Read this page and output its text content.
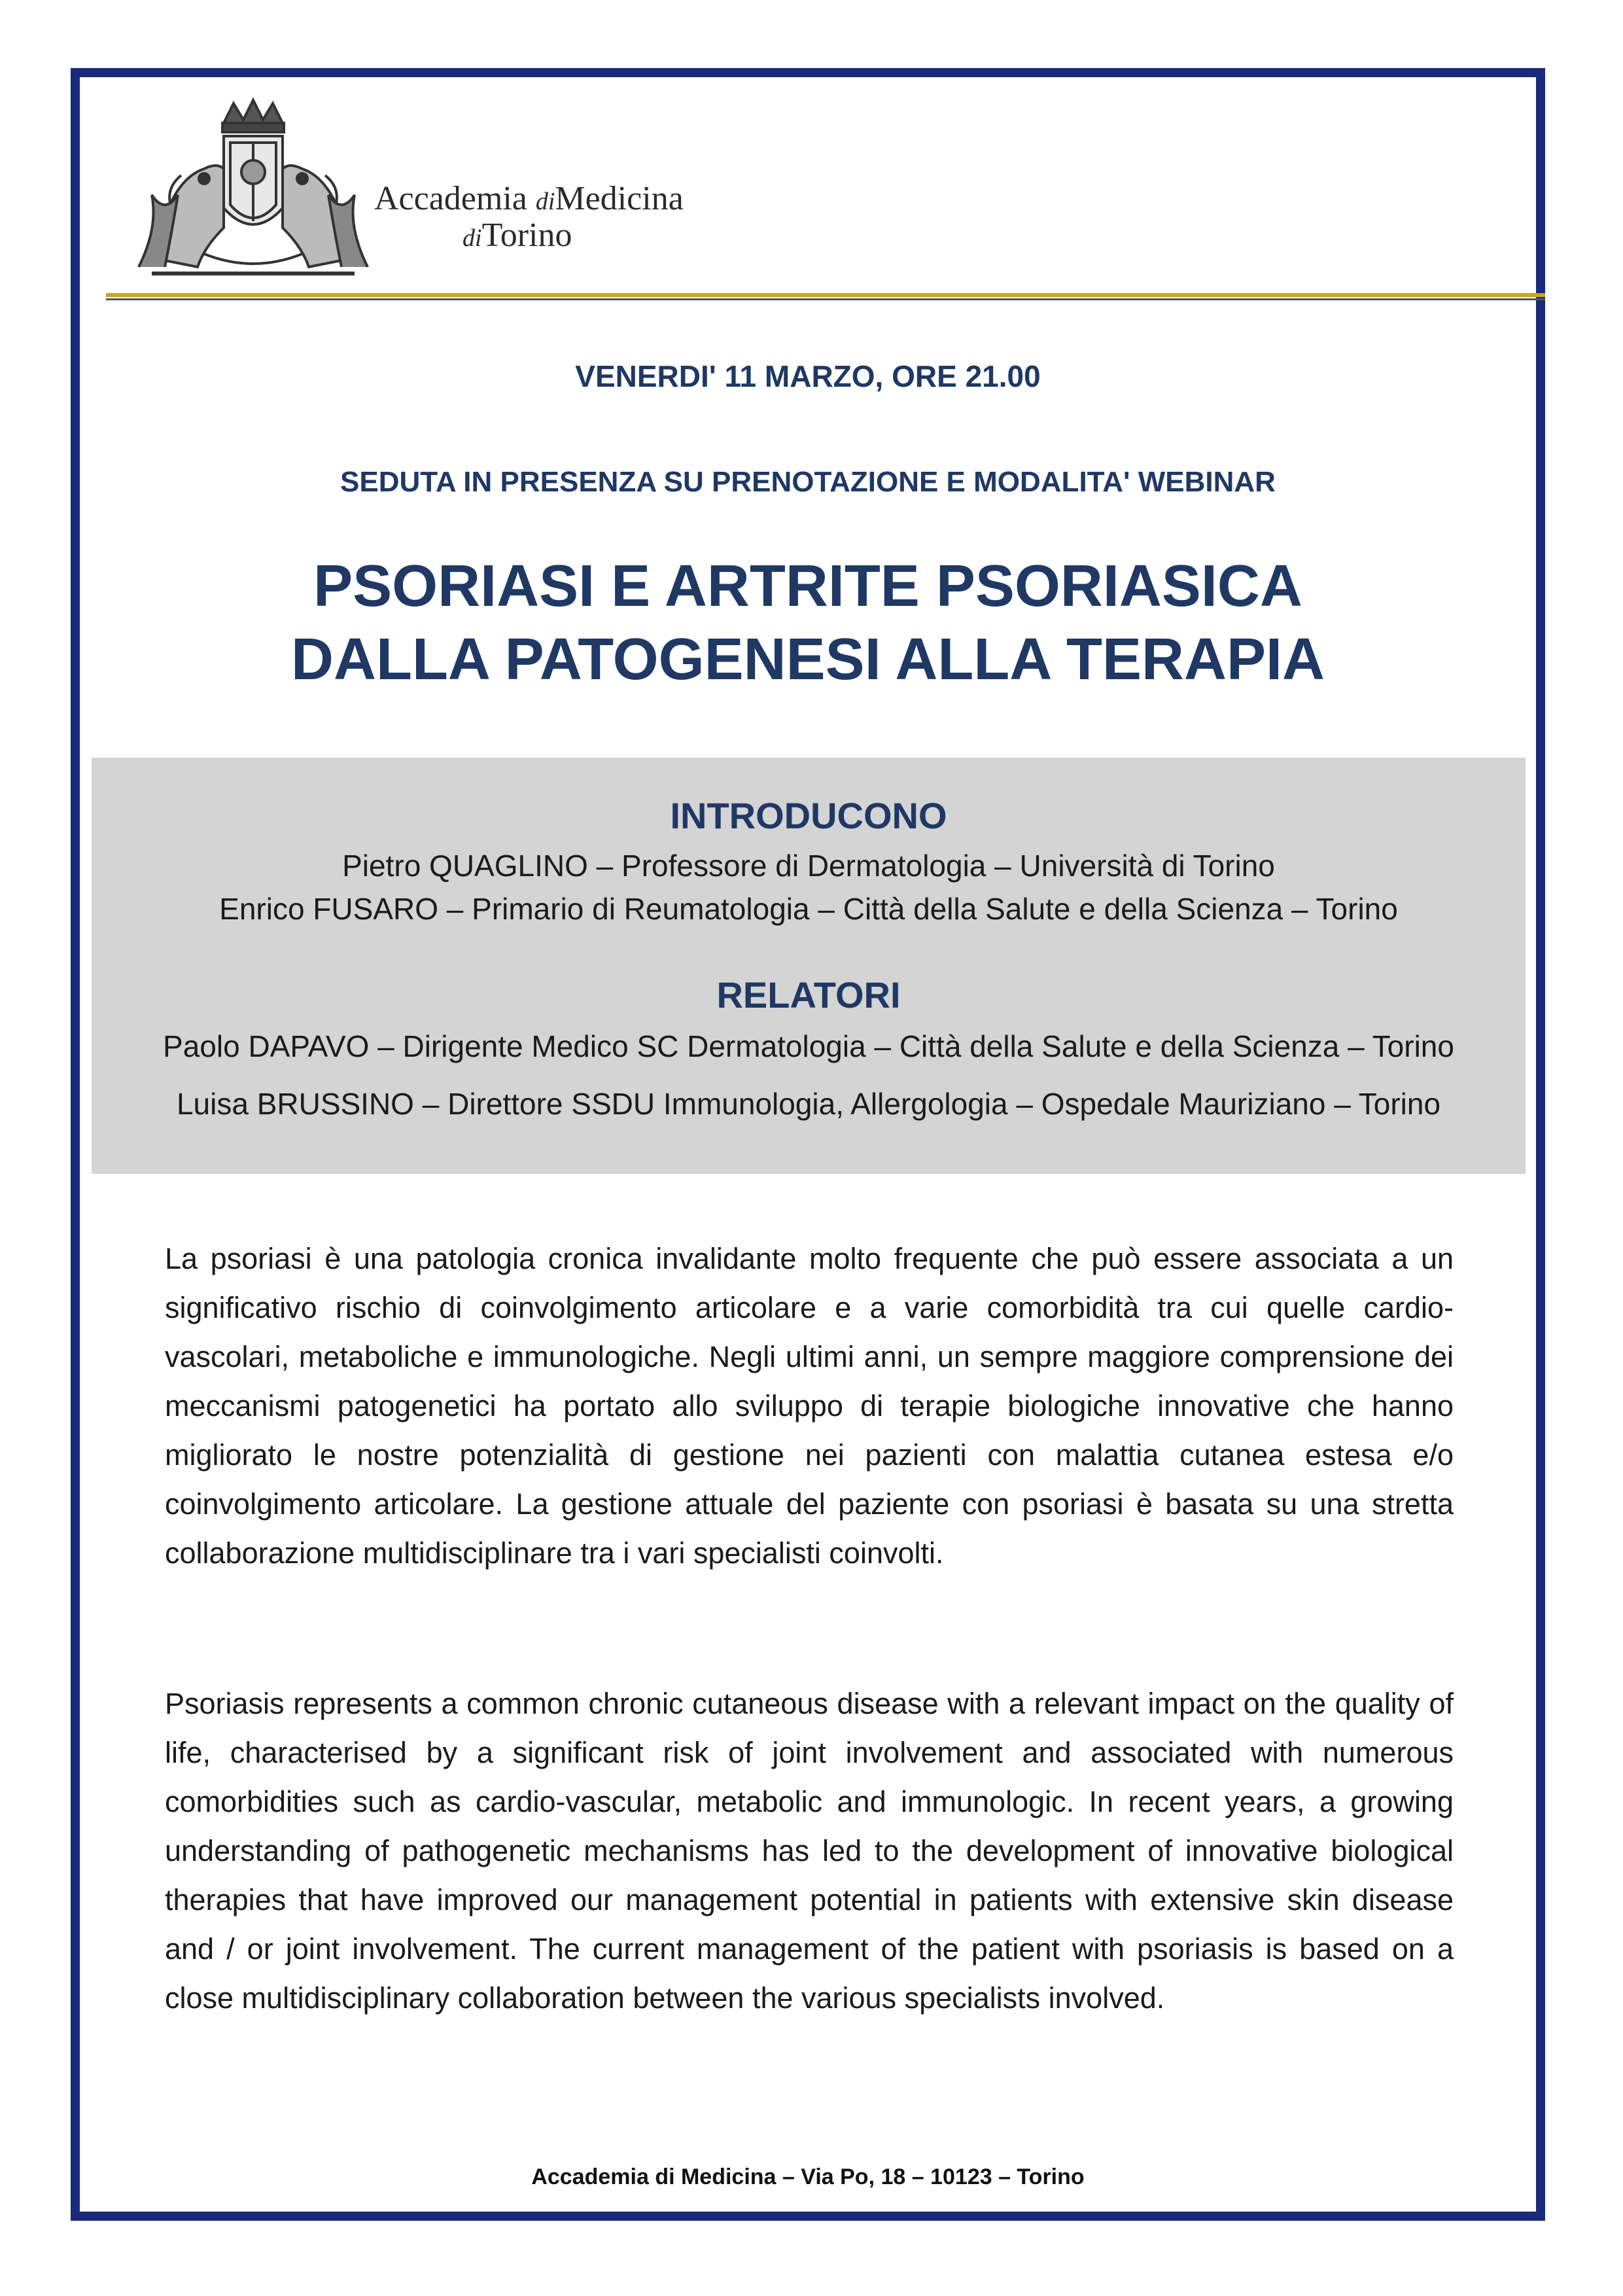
Accademia diMedicina
diTorino
VENERDI' 11 MARZO, ORE 21.00
SEDUTA IN PRESENZA SU PRENOTAZIONE E MODALITA' WEBINAR
PSORIASI E ARTRITE PSORIASICA
DALLA PATOGENESI ALLA TERAPIA
INTRODUCONO
Pietro QUAGLINO – Professore di Dermatologia – Università di Torino
Enrico FUSARO – Primario di Reumatologia – Città della Salute e della Scienza – Torino
RELATORI
Paolo DAPAVO – Dirigente Medico SC Dermatologia – Città della Salute e della Scienza – Torino
Luisa BRUSSINO – Direttore SSDU Immunologia, Allergologia – Ospedale Mauriziano – Torino
La psoriasi è una patologia cronica invalidante molto frequente che può essere associata a un significativo rischio di coinvolgimento articolare e a varie comorbidità tra cui quelle cardio-vascolari, metaboliche e immunologiche. Negli ultimi anni, un sempre maggiore comprensione dei meccanismi patogenetici ha portato allo sviluppo di terapie biologiche innovative che hanno migliorato le nostre potenzialità di gestione nei pazienti con malattia cutanea estesa e/o coinvolgimento articolare. La gestione attuale del paziente con psoriasi è basata su una stretta collaborazione multidisciplinare tra i vari specialisti coinvolti.
Psoriasis represents a common chronic cutaneous disease with a relevant impact on the quality of life, characterised by a significant risk of joint involvement and associated with numerous comorbidities such as cardio-vascular, metabolic and immunologic. In recent years, a growing understanding of pathogenetic mechanisms has led to the development of innovative biological therapies that have improved our management potential in patients with extensive skin disease and / or joint involvement. The current management of the patient with psoriasis is based on a close multidisciplinary collaboration between the various specialists involved.
Accademia di Medicina – Via Po, 18 – 10123 – Torino
